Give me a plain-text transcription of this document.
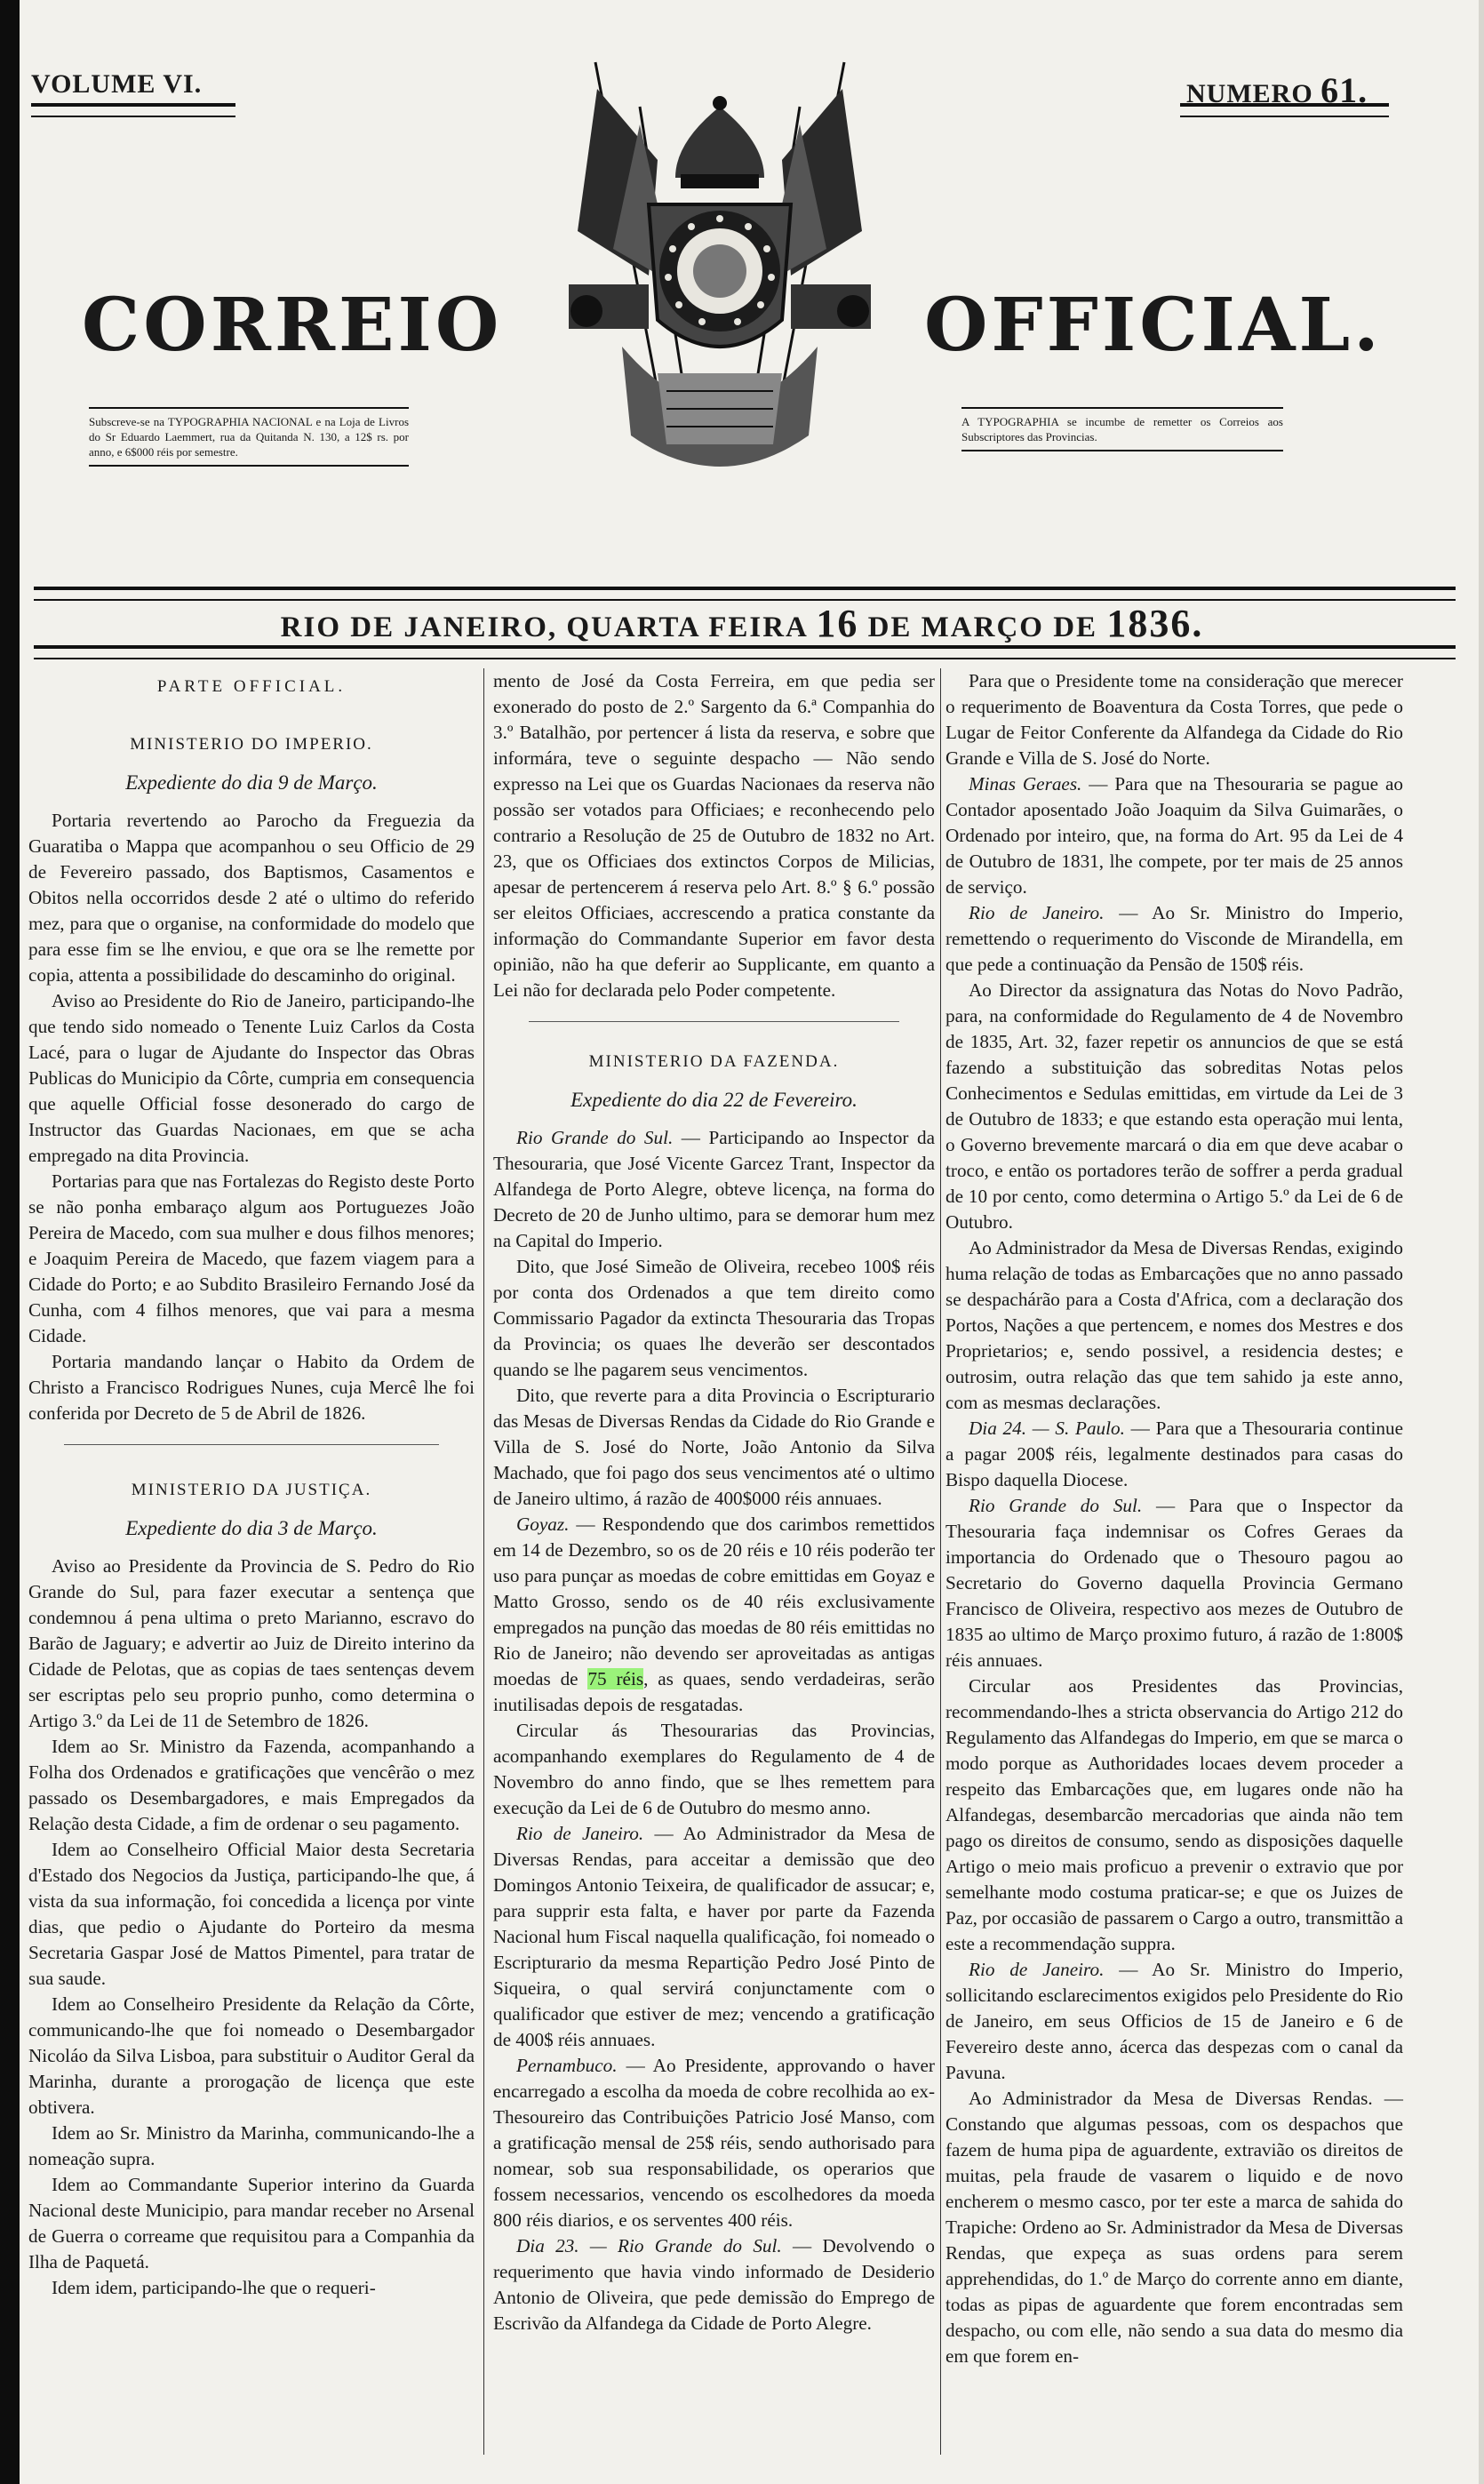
VOLUME VI.	NUMERO 61.
CORREIO	OFFICIAL.
Subscreve-se na TYPOGRAPHIA NACIONAL e na Loja de Livros do Sr Eduardo Laemmert, rua da Quitanda N. 130, a 12$ rs. por anno, e 6$000 réis por semestre.
A TYPOGRAPHIA se incumbe de remetter os Correios aos Subscriptores das Provincias.
RIO DE JANEIRO, QUARTA FEIRA 16 DE MARÇO DE 1836.
PARTE OFFICIAL.
MINISTERIO DO IMPERIO.
Expediente do dia 9 de Março.

Portaria revertendo ao Parocho da Freguezia da Guaratiba o Mappa que acompanhou o seu Officio de 29 de Fevereiro passado, dos Baptismos, Casamentos e Obitos nella occorridos desde 2 até o ultimo do referido mez, para que o organise, na conformidade do modelo que para esse fim se lhe enviou, e que ora se lhe remette por copia, attenta a possibilidade do descaminho do original.

Aviso ao Presidente do Rio de Janeiro, participando-lhe que tendo sido nomeado o Tenente Luiz Carlos da Costa Lacé, para o lugar de Ajudante do Inspector das Obras Publicas do Municipio da Côrte, cumpria em consequencia que aquelle Official fosse desonerado do cargo de Instructor das Guardas Nacionaes, em que se acha empregado na dita Provincia.

Portarias para que nas Fortalezas do Registo deste Porto se não ponha embaraço algum aos Portuguezes João Pereira de Macedo, com sua mulher e dous filhos menores; e Joaquim Pereira de Macedo, que fazem viagem para a Cidade do Porto; e ao Subdito Brasileiro Fernando José da Cunha, com 4 filhos menores, que vai para a mesma Cidade.

Portaria mandando lançar o Habito da Ordem de Christo a Francisco Rodrigues Nunes, cuja Mercê lhe foi conferida por Decreto de 5 de Abril de 1826.

MINISTERIO DA JUSTIÇA.
Expediente do dia 3 de Março.

Aviso ao Presidente da Provincia de S. Pedro do Rio Grande do Sul, para fazer executar a sentença que condemnou á pena ultima o preto Marianno, escravo do Barão de Jaguary; e advertir ao Juiz de Direito interino da Cidade de Pelotas, que as copias de taes sentenças devem ser escriptas pelo seu proprio punho, como determina o Artigo 3.º da Lei de 11 de Setembro de 1826.

Idem ao Sr. Ministro da Fazenda, acompanhando a Folha dos Ordenados e gratificações que vencêrão o mez passado os Desembargadores, e mais Empregados da Relação desta Cidade, a fim de ordenar o seu pagamento.

Idem ao Conselheiro Official Maior desta Secretaria d'Estado dos Negocios da Justiça, participando-lhe que, á vista da sua informação, foi concedida a licença por vinte dias, que pedio o Ajudante do Porteiro da mesma Secretaria Gaspar José de Mattos Pimentel, para tratar de sua saude.

Idem ao Conselheiro Presidente da Relação da Côrte, communicando-lhe que foi nomeado o Desembargador Nicoláo da Silva Lisboa, para substituir o Auditor Geral da Marinha, durante a prorogação de licença que este obtivera.

Idem ao Sr. Ministro da Marinha, communicando-lhe a nomeação supra.

Idem ao Commandante Superior interino da Guarda Nacional deste Municipio, para mandar receber no Arsenal de Guerra o correame que requisitou para a Companhia da Ilha de Paquetá.

Idem idem, participando-lhe que o requeri-

mento de José da Costa Ferreira, em que pedia ser exonerado do posto de 2.º Sargento da 6.ª Companhia do 3.º Batalhão, por pertencer á lista da reserva, e sobre que informára, teve o seguinte despacho — Não sendo expresso na Lei que os Guardas Nacionaes da reserva não possão ser votados para Officiaes; e reconhecendo pelo contrario a Resolução de 25 de Outubro de 1832 no Art. 23, que os Officiaes dos extinctos Corpos de Milicias, apesar de pertencerem á reserva pelo Art. 8.º § 6.º possão ser eleitos Officiaes, accrescendo a pratica constante da informação do Commandante Superior em favor desta opinião, não ha que deferir ao Supplicante, em quanto a Lei não for declarada pelo Poder competente.

MINISTERIO DA FAZENDA.
Expediente do dia 22 de Fevereiro.

Rio Grande do Sul. — Participando ao Inspector da Thesouraria, que José Vicente Garcez Trant, Inspector da Alfandega de Porto Alegre, obteve licença, na forma do Decreto de 20 de Junho ultimo, para se demorar hum mez na Capital do Imperio.

Dito, que José Simeão de Oliveira, recebeo 100$ réis por conta dos Ordenados a que tem direito como Commissario Pagador da extincta Thesouraria das Tropas da Provincia; os quaes lhe deverão ser descontados quando se lhe pagarem seus vencimentos.

Dito, que reverte para a dita Provincia o Escripturario das Mesas de Diversas Rendas da Cidade do Rio Grande e Villa de S. José do Norte, João Antonio da Silva Machado, que foi pago dos seus vencimentos até o ultimo de Janeiro ultimo, á razão de 400$000 réis annuaes.

Goyaz. — Respondendo que dos carimbos remettidos em 14 de Dezembro, so os de 20 réis e 10 réis poderão ter uso para punçar as moedas de cobre emittidas em Goyaz e Matto Grosso, sendo os de 40 réis exclusivamente empregados na punção das moedas de 80 réis emittidas no Rio de Janeiro; não devendo ser aproveitadas as antigas moedas de 75 réis, as quaes, sendo verdadeiras, serão inutilisadas depois de resgatadas.

Circular ás Thesourarias das Provincias, acompanhando exemplares do Regulamento de 4 de Novembro do anno findo, que se lhes remettem para execução da Lei de 6 de Outubro do mesmo anno.

Rio de Janeiro. — Ao Administrador da Mesa de Diversas Rendas, para acceitar a demissão que deo Domingos Antonio Teixeira, de qualificador de assucar; e, para supprir esta falta, e haver por parte da Fazenda Nacional hum Fiscal naquella qualificação, foi nomeado o Escripturario da mesma Repartição Pedro José Pinto de Siqueira, o qual servirá conjunctamente com o qualificador que estiver de mez; vencendo a gratificação de 400$ réis annuaes.

Pernambuco. — Ao Presidente, approvando o haver encarregado a escolha da moeda de cobre recolhida ao ex-Thesoureiro das Contribuições Patricio José Manso, com a gratificação mensal de 25$ réis, sendo authorisado para nomear, sob sua responsabilidade, os operarios que fossem necessarios, vencendo os escolhedores da moeda 800 réis diarios, e os serventes 400 réis.

Dia 23. — Rio Grande do Sul. — Devolvendo o requerimento que havia vindo informado de Desiderio Antonio de Oliveira, que pede demissão do Emprego de Escrivão da Alfandega da Cidade de Porto Alegre.

Para que o Presidente tome na consideração que merecer o requerimento de Boaventura da Costa Torres, que pede o Lugar de Feitor Conferente da Alfandega da Cidade do Rio Grande e Villa de S. José do Norte.

Minas Geraes. — Para que na Thesouraria se pague ao Contador aposentado João Joaquim da Silva Guimarães, o Ordenado por inteiro, que, na forma do Art. 95 da Lei de 4 de Outubro de 1831, lhe compete, por ter mais de 25 annos de serviço.

Rio de Janeiro. — Ao Sr. Ministro do Imperio, remettendo o requerimento do Visconde de Mirandella, em que pede a continuação da Pensão de 150$ réis.

Ao Director da assignatura das Notas do Novo Padrão, para, na conformidade do Regulamento de 4 de Novembro de 1835, Art. 32, fazer repetir os annuncios de que se está fazendo a substituição das sobreditas Notas pelos Conhecimentos e Sedulas emittidas, em virtude da Lei de 3 de Outubro de 1833; e que estando esta operação mui lenta, o Governo brevemente marcará o dia em que deve acabar o troco, e então os portadores terão de soffrer a perda gradual de 10 por cento, como determina o Artigo 5.º da Lei de 6 de Outubro.

Ao Administrador da Mesa de Diversas Rendas, exigindo huma relação de todas as Embarcações que no anno passado se despachárão para a Costa d'Africa, com a declaração dos Portos, Nações a que pertencem, e nomes dos Mestres e dos Proprietarios; e, sendo possivel, a residencia destes; e outrosim, outra relação das que tem sahido ja este anno, com as mesmas declarações.

Dia 24. — S. Paulo. — Para que a Thesouraria continue a pagar 200$ réis, legalmente destinados para casas do Bispo daquella Diocese.

Rio Grande do Sul. — Para que o Inspector da Thesouraria faça indemnisar os Cofres Geraes da importancia do Ordenado que o Thesouro pagou ao Secretario do Governo daquella Provincia Germano Francisco de Oliveira, respectivo aos mezes de Outubro de 1835 ao ultimo de Março proximo futuro, á razão de 1:800$ réis annuaes.

Circular aos Presidentes das Provincias, recommendando-lhes a stricta observancia do Artigo 212 do Regulamento das Alfandegas do Imperio, em que se marca o modo porque as Authoridades locaes devem proceder a respeito das Embarcações que, em lugares onde não ha Alfandegas, desembarcão mercadorias que ainda não tem pago os direitos de consumo, sendo as disposições daquelle Artigo o meio mais proficuo a prevenir o extravio que por semelhante modo costuma praticar-se; e que os Juizes de Paz, por occasião de passarem o Cargo a outro, transmittão a este a recommendação suppra.

Rio de Janeiro. — Ao Sr. Ministro do Imperio, sollicitando esclarecimentos exigidos pelo Presidente do Rio de Janeiro, em seus Officios de 15 de Janeiro e 6 de Fevereiro deste anno, ácerca das despezas com o canal da Pavuna.

Ao Administrador da Mesa de Diversas Rendas. — Constando que algumas pessoas, com os despachos que fazem de huma pipa de aguardente, extravião os direitos de muitas, pela fraude de vasarem o liquido e de novo encherem o mesmo casco, por ter este a marca de sahida do Trapiche: Ordeno ao Sr. Administrador da Mesa de Diversas Rendas, que expeça as suas ordens para serem apprehendidas, do 1.º de Março do corrente anno em diante, todas as pipas de aguardente que forem encontradas sem despacho, ou com elle, não sendo a sua data do mesmo dia em que forem en-
